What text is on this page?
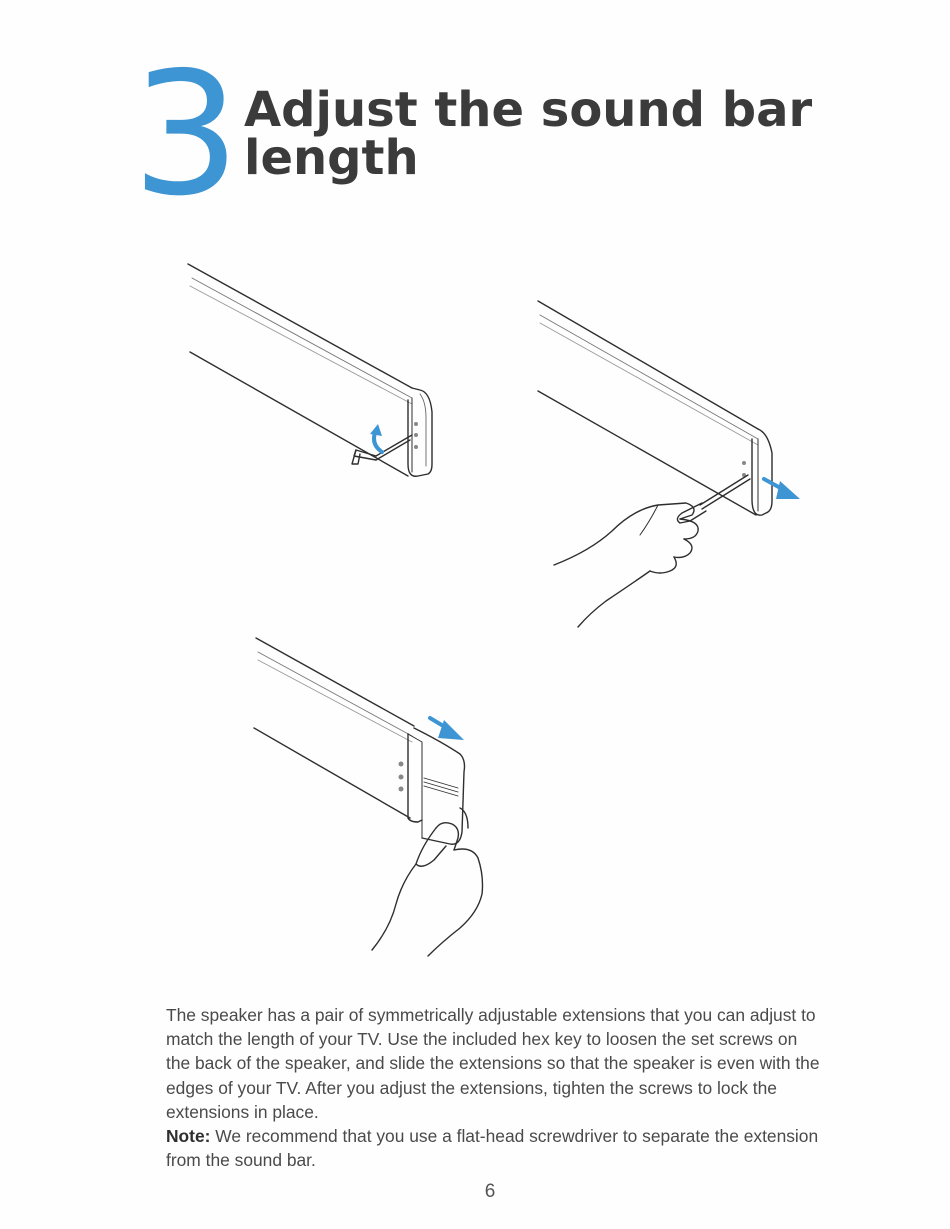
3 Adjust the sound bar
length

The speaker has a pair of symmetrically adjustable extensions that you can adjust to match the length of your TV. Use the included hex key to loosen the set screws on the back of the speaker, and slide the extensions so that the speaker is even with the edges of your TV. After you adjust the extensions, tighten the screws to lock the extensions in place.

Note: We recommend that you use a flat-head screwdriver to separate the extension from the sound bar.

6
